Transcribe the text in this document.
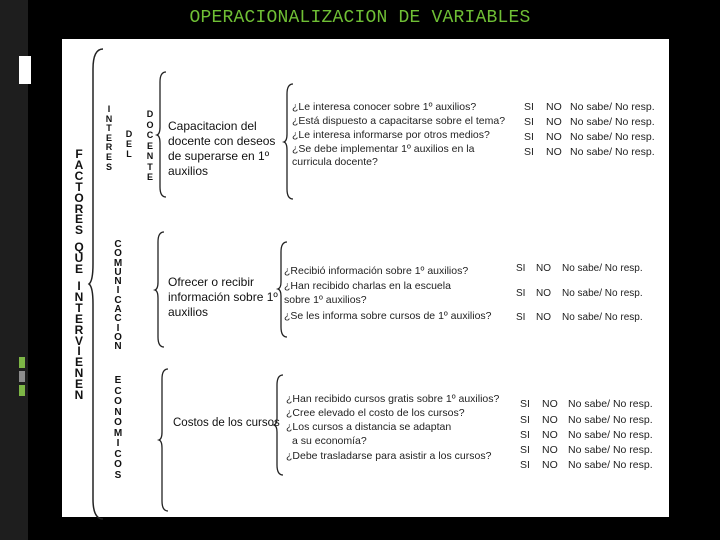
OPERACIONALIZACION DE VARIABLES
F
A
C
T
O
R
E
S

Q
U
E

I
N
T
E
R
V
I
E
N
E
N
I
N
T
E
R
E
S
D
E
L
D
O
C
E
N
T
E
Capacitacion del docente con deseos de superarse en 1º auxilios
¿Le interesa conocer sobre 1º auxilios?
¿Está dispuesto a capacitarse sobre el tema?
¿Le interesa informarse por otros medios?
¿Se debe implementar 1º auxilios en la
curricula docente?
SI NO No sabe/ No resp.
SI NO No sabe/ No resp.
SI NO No sabe/ No resp.
SI NO No sabe/ No resp.
C
O
M
U
N
I
C
A
C
I
O
N
Ofrecer o recibir información sobre 1º auxilios
¿Recibió información sobre 1º auxilios?
¿Han recibido charlas en la escuela
sobre 1º auxilios?
¿Se les informa sobre cursos de 1º auxilios?
SI NO No sabe/ No resp.
SI NO No sabe/ No resp.
SI NO No sabe/ No resp.
E
C
O
N
O
M
I
C
O
S
Costos de los cursos
¿Han recibido cursos gratis sobre 1º auxilios?
¿Cree elevado el costo de los cursos?
¿Los cursos a distancia se adaptan
a su economía?
¿Debe trasladarse para asistir a los cursos?
SI NO No sabe/ No resp.
SI NO No sabe/ No resp.
SI NO No sabe/ No resp.
SI NO No sabe/ No resp.
SI NO No sabe/ No resp.
